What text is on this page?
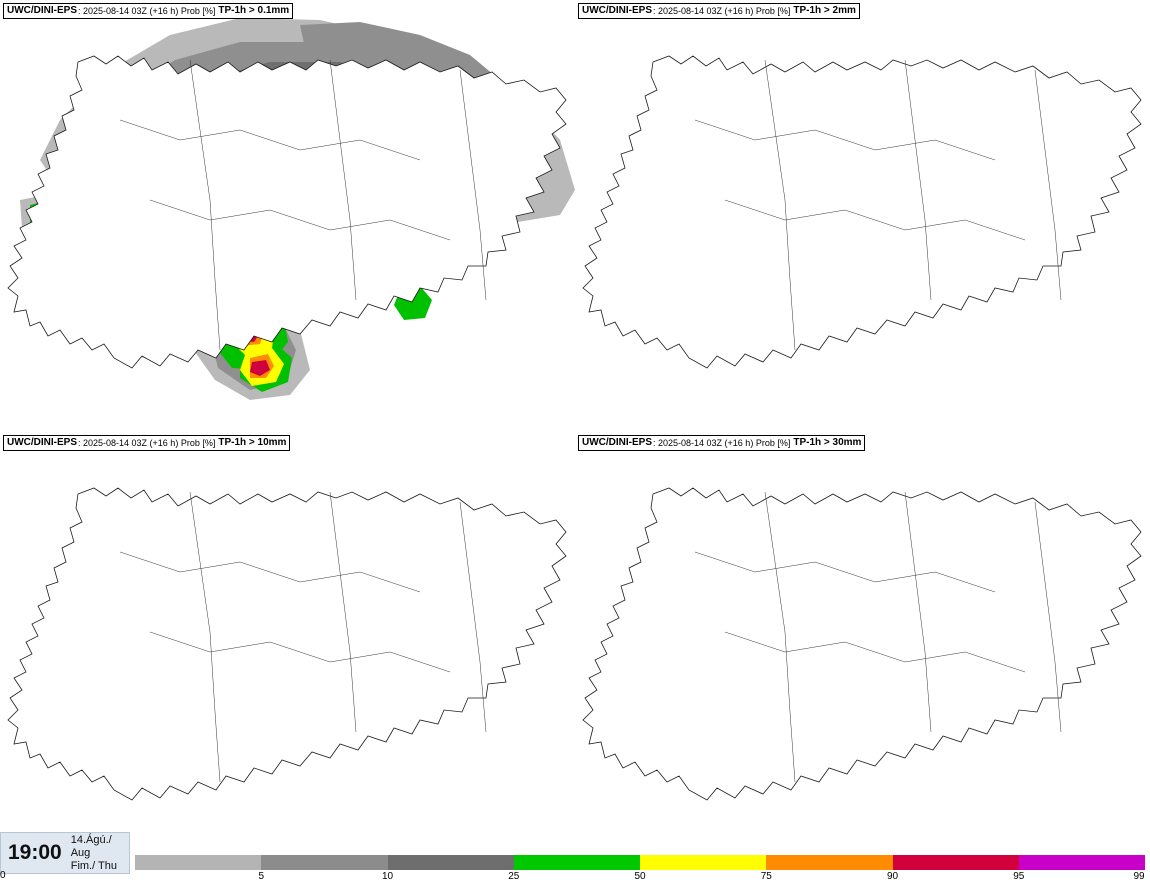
UWC/DINI-EPS : 2025-08-14 03Z (+16 h) Prob [%] TP-1h > 0.1mm	UWC/DINI-EPS : 2025-08-14 03Z (+16 h) Prob [%] TP-1h > 2mm
UWC/DINI-EPS : 2025-08-14 03Z (+16 h) Prob [%] TP-1h > 10mm	UWC/DINI-EPS : 2025-08-14 03Z (+16 h) Prob [%] TP-1h > 30mm
19:00
14.Ágú./ Aug
Fim./ Thu
0	5	10	25	50	75	90	95	99
